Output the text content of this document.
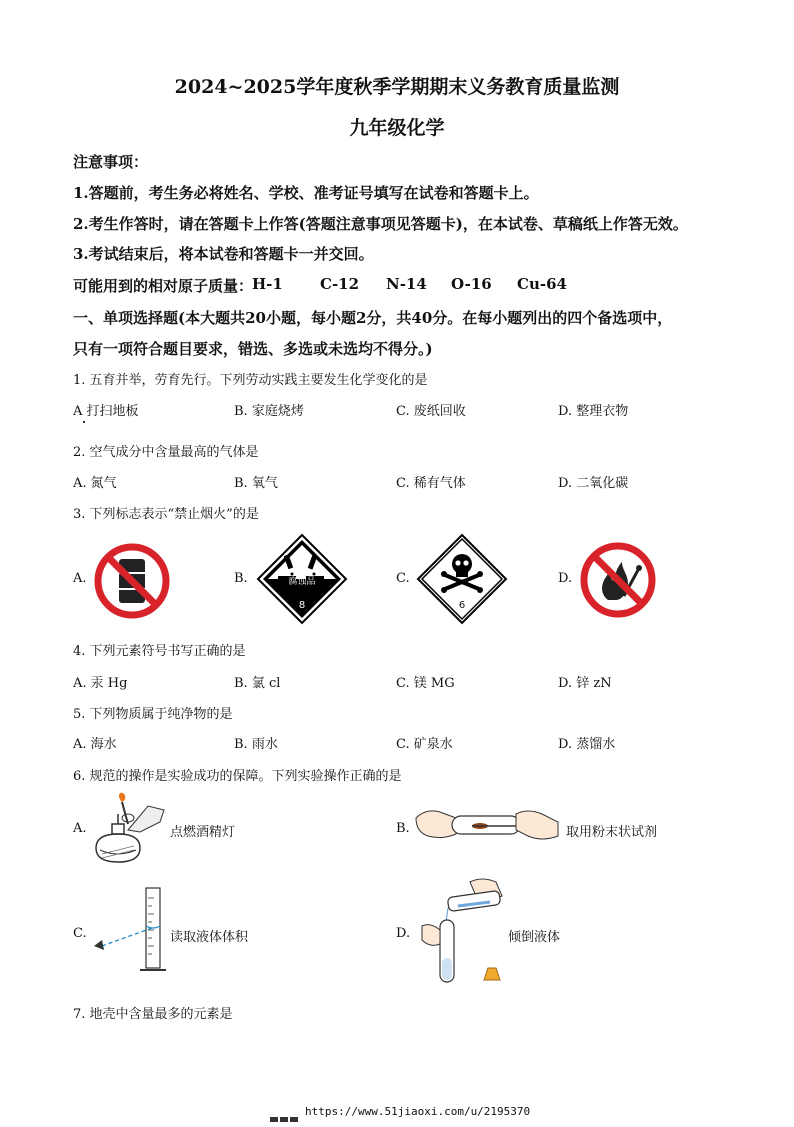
2024~2025学年度秋季学期期末义务教育质量监测
九年级化学
注意事项：
1.答题前，考生务必将姓名、学校、准考证号填写在试卷和答题卡上。
2.考生作答时，请在答题卡上作答(答题注意事项见答题卡)，在本试卷、草稿纸上作答无效。
3.考试结束后，将本试卷和答题卡一并交回。
可能用到的相对原子质量：
H-1 C-12 N-14 O-16 Cu-64
一、单项选择题(本大题共20小题，每小题2分，共40分。在每小题列出的四个备选项中，
只有一项符合题目要求，错选、多选或未选均不得分。)
1. 五育并举，劳育先行。下列劳动实践主要发生化学变化的是
A 打扫地板	B. 家庭烧烤	C. 废纸回收	D. 整理衣物
2. 空气成分中含量最高的气体是
A. 氮气	B. 氧气	C. 稀有气体	D. 二氧化碳
3. 下列标志表示“禁止烟火”的是
A.	B.	C.	D.
腐蚀品
8	6
4. 下列元素符号书写正确的是
A. 汞 Hg	B. 氯 cl	C. 镁 MG	D. 锌 zN
5. 下列物质属于纯净物的是
A. 海水	B. 雨水	C. 矿泉水	D. 蒸馏水
6. 规范的操作是实验成功的保障。下列实验操作正确的是
A.	点燃酒精灯	B.	取用粉末状试剂
C.	读取液体体积	D.	倾倒液体
7. 地壳中含量最多的元素是
https://www.51jiaoxi.com/u/2195370
